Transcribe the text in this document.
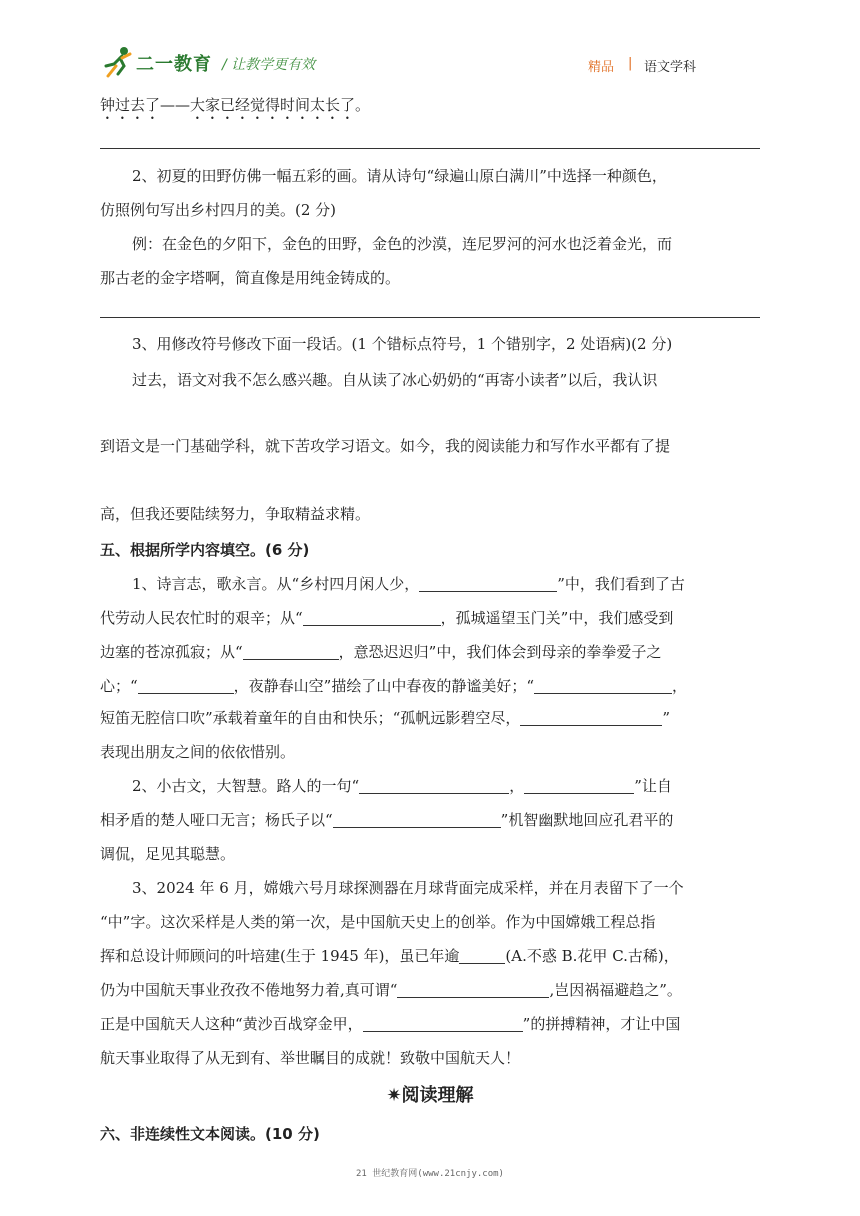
二一教育 / 让教学更有效	精品 | 语文学科
钟过去了——大家已经觉得时间太长了。
2、初夏的田野仿佛一幅五彩的画。请从诗句“绿遍山原白满川”中选择一种颜色，
仿照例句写出乡村四月的美。(2 分)
例：在金色的夕阳下，金色的田野，金色的沙漠，连尼罗河的河水也泛着金光，而
那古老的金字塔啊，简直像是用纯金铸成的。
3、用修改符号修改下面一段话。(1 个错标点符号，1 个错别字，2 处语病)(2 分)
过去，语文对我不怎么感兴趣。自从读了冰心奶奶的“再寄小读者”以后，我认识
到语文是一门基础学科，就下苦攻学习语文。如今，我的阅读能力和写作水平都有了提
高，但我还要陆续努力，争取精益求精。
五、根据所学内容填空。(6 分)
1、诗言志，歌永言。从“乡村四月闲人少，	”中，我们看到了古
代劳动人民农忙时的艰辛；从“	，孤城遥望玉门关”中，我们感受到
边塞的苍凉孤寂；从“	，意恐迟迟归”中，我们体会到母亲的拳拳爱子之
心；“	，夜静春山空”描绘了山中春夜的静谧美好；“	，
短笛无腔信口吹”承载着童年的自由和快乐；“孤帆远影碧空尽，	”
表现出朋友之间的依依惜别。
2、小古文，大智慧。路人的一句“	，	”让自
相矛盾的楚人哑口无言；杨氏子以“	”机智幽默地回应孔君平的
调侃，足见其聪慧。
3、2024 年 6 月，嫦娥六号月球探测器在月球背面完成采样，并在月表留下了一个
“中”字。这次采样是人类的第一次，是中国航天史上的创举。作为中国嫦娥工程总指
挥和总设计师顾问的叶培建(生于 1945 年)，虽已年逾	(A.不惑 B.花甲 C.古稀)，
仍为中国航天事业孜孜不倦地努力着,真可谓“	,岂因祸福避趋之”。
正是中国航天人这种“黄沙百战穿金甲，	”的拼搏精神，才让中国
航天事业取得了从无到有、举世瞩目的成就！致敬中国航天人！
✷阅读理解
六、非连续性文本阅读。(10 分)
21 世纪教育网(www.21cnjy.com)
